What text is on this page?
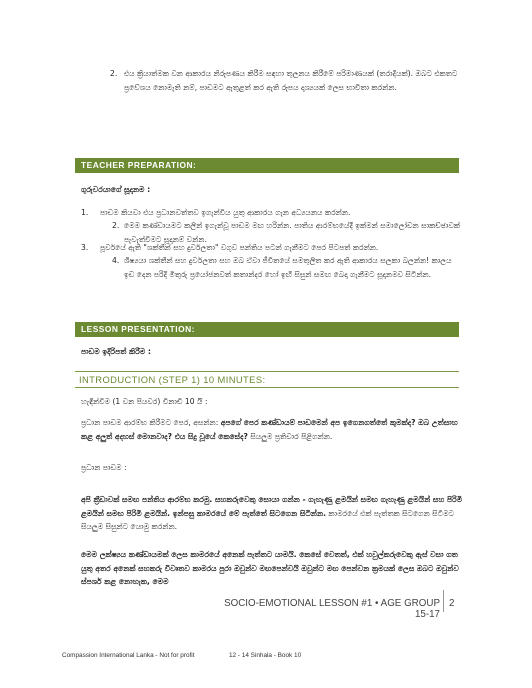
2. එය ක්‍රියාත්මක වන ආකාරය නිරූපණය කිරීම සඳහා තුලනය කිරීමේ පරිමාණයක් (තරාදියක්). ඔබට එකතට ප්‍රවේශය නොමැති නම්, පාඩමට ඇතුළත් කර ඇති රූපය දෘශ්‍යයක් ලෙස භාවිතා කරන්න.

TEACHER PREPARATION:

ගුරුවරයාගේ සූදානම :

1. පාඩම කියවා එය ප්‍රධානවත්තව ඉගැන්විය යුතු ආකාරය ගැන අධ්‍යයනය කරන්න.

2. මෙම කණ්ඩායමට කලින් ඉගැන්වූ පාඩම මඟ හරින්න. පාතිය ආරම්භයේදී ඉක්මන් සමාලෝචන සාකච්ඡාවක් පැවැත්වීමට සූදානම් වන්න.

3. පූර්වයේ ඇති "ශක්තීන් සහ දුර්වලතා" වගුව පන්තිය පටන් ගැනීමට පෙර පිටපත් කරන්න.

4. ශිෂ්‍යයා ශක්තීන් සහ දුර්වලතා සහ ඔබ ඒවා ජීවිතයේ සමතුලිත කර ඇති ආකාරය සලකා බලන්න! කාලය ඉඩ දෙන පරිදි මිතුරු ප්‍රයෝජනවත් කතාන්දර හෝ ඉඟි සිසුන් සමඟ බෙදා ගැනීමට සූදානමව සිටින්න.

LESSON PRESENTATION:

පාඩම ඉදිරිපත් කිරීම :

INTRODUCTION (STEP 1) 10 MINUTES:

හැඳින්වීම (1 වන පියවර) විනාඩි 10 යි :

ප්‍රධාන පාඩම ආරම්භ කිරීමට පෙර, අසන්න: අපගේ පෙර කණ්ඩායම් පාඩමෙන් අප ඉගෙනගත්තේ කුමක්ද? ඔබ උත්සාහ කළ අලුත් අදහස් මොනවාද? එය සිදු වූයේ කෙසේද? සියලුම ප්‍රතිචාර පිළිගන්න.

ප්‍රධාන පාඩම :

අපි ක්‍රීඩාවක් සමඟ පන්තිය ආරම්භ කරමු. සහකරුවෙකු සොයා ගන්න - ගැහැණු ළමයින් සමඟ ගැහැණු ළමයින් සහ පිරිමි ළමයින් සමඟ පිරිමි ළමයින්. ඉන්පසු කාමරයේ මේ පැත්තේ සිටගෙන සිටින්න. කාමරයේ එක් පැත්තක සිටගෙන සිටීමට සියලුම සිසුන්ට යොමු කරන්න.

මෙම ලක්ෂ්‍යය කණ්ඩායමක් ලෙස කාමරයේ අනෙක් පැත්තට යාමයි. කෙසේ වෙතත්, එක් හවුල්කරුවෙකු ඇස් වසා ගත යුතු අතර අනෙක් සහකරු විවෘතව කාමරය පුරා ඔවුන්ව මඟපෙන්වයි ඔවුන්ට මඟ පෙන්වන ක්‍රමයක් ලෙස ඔබට ඔවුන්ව ස්පර්ශ කළ නොහැක, මෙම

SOCIO-EMOTIONAL LESSON #1 • AGE GROUP 15-17
2
Compassion International Lanka - Not for profit	12 - 14 Sinhala - Book 10
